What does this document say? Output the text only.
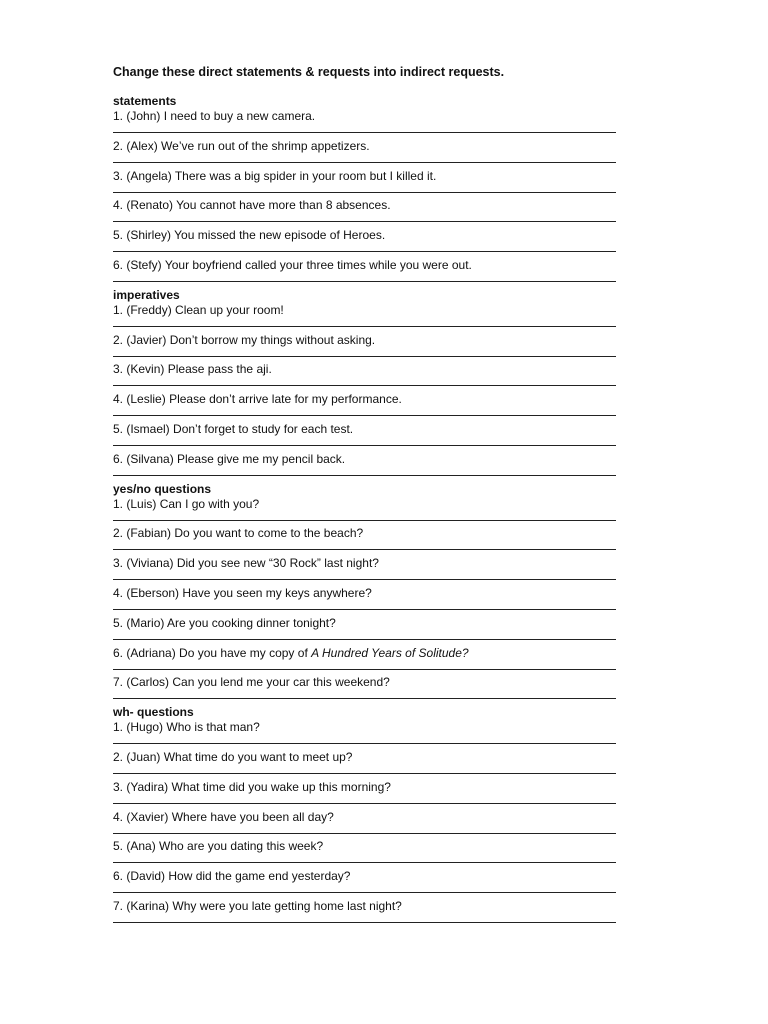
Change these direct statements & requests into indirect requests.

statements

1. (John) I need to buy a new camera.

2. (Alex) We’ve run out of the shrimp appetizers.

3. (Angela) There was a big spider in your room but I killed it.

4. (Renato) You cannot have more than 8 absences.

5. (Shirley) You missed the new episode of Heroes.

6. (Stefy) Your boyfriend called your three times while you were out.

imperatives

1. (Freddy) Clean up your room!

2. (Javier) Don’t borrow my things without asking.

3. (Kevin) Please pass the aji.

4. (Leslie) Please don’t arrive late for my performance.

5. (Ismael) Don’t forget to study for each test.

6. (Silvana) Please give me my pencil back.

yes/no questions

1. (Luis) Can I go with you?

2. (Fabian) Do you want to come to the beach?

3. (Viviana) Did you see new “30 Rock” last night?

4. (Eberson) Have you seen my keys anywhere?

5. (Mario) Are you cooking dinner tonight?

6. (Adriana) Do you have my copy of A Hundred Years of Solitude?

7. (Carlos) Can you lend me your car this weekend?

wh- questions

1. (Hugo) Who is that man?

2. (Juan) What time do you want to meet up?

3. (Yadira) What time did you wake up this morning?

4. (Xavier) Where have you been all day?

5. (Ana) Who are you dating this week?

6. (David) How did the game end yesterday?

7. (Karina) Why were you late getting home last night?
